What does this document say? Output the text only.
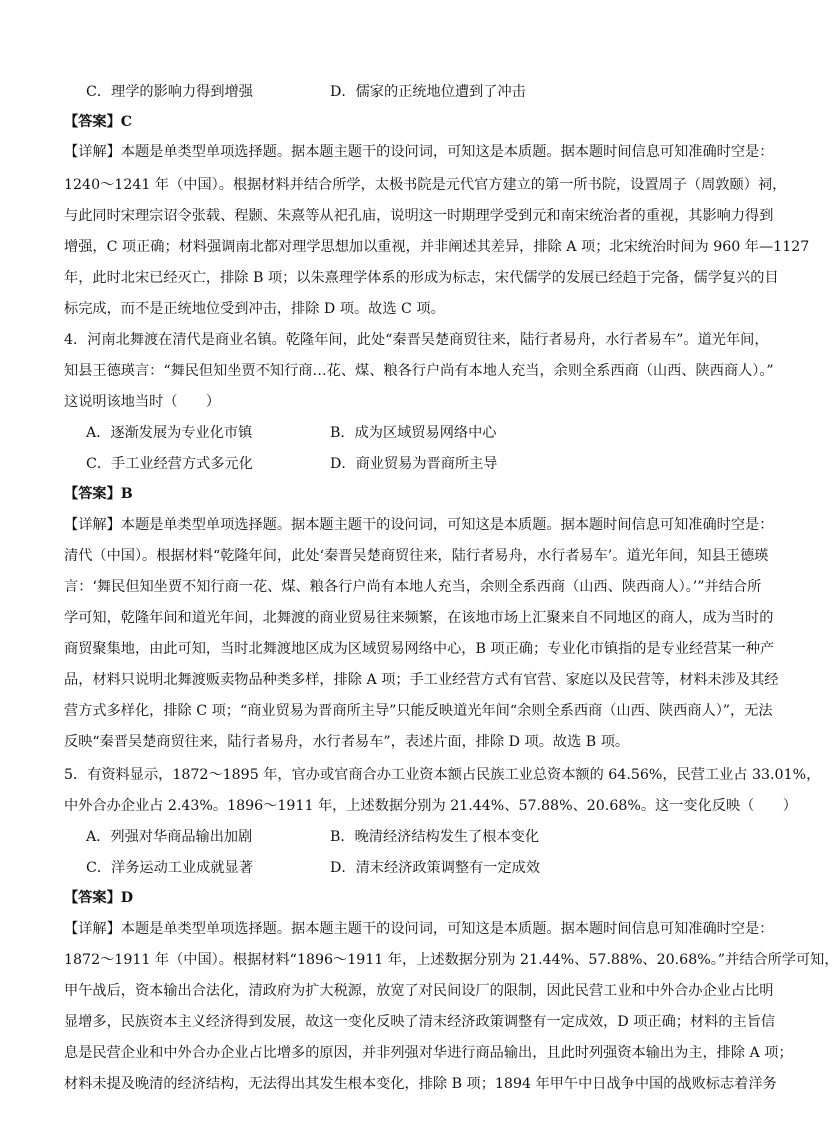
C．理学的影响力得到增强	D．儒家的正统地位遭到了冲击
【答案】C
【详解】本题是单类型单项选择题。据本题主题干的设问词，可知这是本质题。据本题时间信息可知准确时空是：
1240～1241 年（中国）。根据材料并结合所学，太极书院是元代官方建立的第一所书院，设置周子（周敦颐）祠，
与此同时宋理宗诏令张载、程颢、朱熹等从祀孔庙，说明这一时期理学受到元和南宋统治者的重视，其影响力得到
增强，C 项正确；材料强调南北都对理学思想加以重视，并非阐述其差异，排除 A 项；北宋统治时间为 960 年—1127
年，此时北宋已经灭亡，排除 B 项；以朱熹理学体系的形成为标志，宋代儒学的发展已经趋于完备，儒学复兴的目
标完成，而不是正统地位受到冲击，排除 D 项。故选 C 项。
4．河南北舞渡在清代是商业名镇。乾隆年间，此处“秦晋吴楚商贸往来，陆行者易舟，水行者易车”。道光年间，
知县王德瑛言：“舞民但知坐贾不知行商…花、煤、粮各行户尚有本地人充当，余则全系西商（山西、陕西商人）。”
这说明该地当时（　　）
A．逐渐发展为专业化市镇	B．成为区域贸易网络中心
C．手工业经营方式多元化	D．商业贸易为晋商所主导
【答案】B
【详解】本题是单类型单项选择题。据本题主题干的设问词，可知这是本质题。据本题时间信息可知准确时空是：
清代（中国）。根据材料“乾隆年间，此处‘秦晋吴楚商贸往来，陆行者易舟，水行者易车’。道光年间，知县王德瑛
言：‘舞民但知坐贾不知行商一花、煤、粮各行户尚有本地人充当，余则全系西商（山西、陕西商人）。’”并结合所
学可知，乾隆年间和道光年间，北舞渡的商业贸易往来频繁，在该地市场上汇聚来自不同地区的商人，成为当时的
商贸聚集地，由此可知，当时北舞渡地区成为区域贸易网络中心，B 项正确；专业化市镇指的是专业经营某一种产
品，材料只说明北舞渡贩卖物品种类多样，排除 A 项；手工业经营方式有官营、家庭以及民营等，材料未涉及其经
营方式多样化，排除 C 项；“商业贸易为晋商所主导”只能反映道光年间“余则全系西商（山西、陕西商人）”，无法
反映“秦晋吴楚商贸往来，陆行者易舟，水行者易车”，表述片面，排除 D 项。故选 B 项。
5．有资料显示，1872～1895 年，官办或官商合办工业资本额占民族工业总资本额的 64.56%，民营工业占 33.01%，
中外合办企业占 2.43%。1896～1911 年，上述数据分别为 21.44%、57.88%、20.68%。这一变化反映（　　）
A．列强对华商品输出加剧	B．晚清经济结构发生了根本变化
C．洋务运动工业成就显著	D．清末经济政策调整有一定成效
【答案】D
【详解】本题是单类型单项选择题。据本题主题干的设问词，可知这是本质题。据本题时间信息可知准确时空是：
1872～1911 年（中国）。根据材料“1896～1911 年，上述数据分别为 21.44%、57.88%、20.68%。”并结合所学可知，
甲午战后，资本输出合法化，清政府为扩大税源，放宽了对民间设厂的限制，因此民营工业和中外合办企业占比明
显增多，民族资本主义经济得到发展，故这一变化反映了清末经济政策调整有一定成效，D 项正确；材料的主旨信
息是民营企业和中外合办企业占比增多的原因，并非列强对华进行商品输出，且此时列强资本输出为主，排除 A 项；
材料未提及晚清的经济结构，无法得出其发生根本变化，排除 B 项；1894 年甲午中日战争中国的战败标志着洋务
